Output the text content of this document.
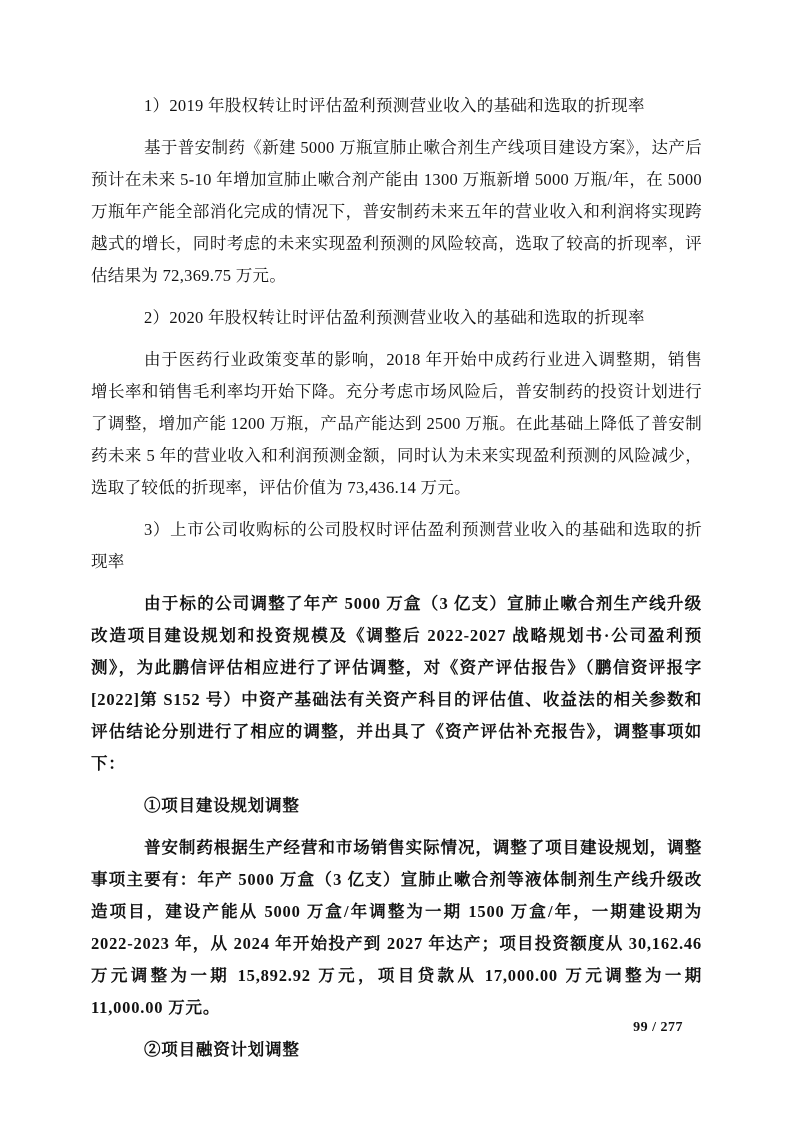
1）2019 年股权转让时评估盈利预测营业收入的基础和选取的折现率

基于普安制药《新建 5000 万瓶宣肺止嗽合剂生产线项目建设方案》，达产后预计在未来 5-10 年增加宣肺止嗽合剂产能由 1300 万瓶新增 5000 万瓶/年，在 5000 万瓶年产能全部消化完成的情况下，普安制药未来五年的营业收入和利润将实现跨越式的增长，同时考虑的未来实现盈利预测的风险较高，选取了较高的折现率，评估结果为 72,369.75 万元。

2）2020 年股权转让时评估盈利预测营业收入的基础和选取的折现率

由于医药行业政策变革的影响，2018 年开始中成药行业进入调整期，销售增长率和销售毛利率均开始下降。充分考虑市场风险后，普安制药的投资计划进行了调整，增加产能 1200 万瓶，产品产能达到 2500 万瓶。在此基础上降低了普安制药未来 5 年的营业收入和利润预测金额，同时认为未来实现盈利预测的风险减少，选取了较低的折现率，评估价值为 73,436.14 万元。

3）上市公司收购标的公司股权时评估盈利预测营业收入的基础和选取的折现率

由于标的公司调整了年产 5000 万盒（3 亿支）宣肺止嗽合剂生产线升级改造项目建设规划和投资规模及《调整后 2022-2027 战略规划书·公司盈利预测》，为此鹏信评估相应进行了评估调整，对《资产评估报告》（鹏信资评报字[2022]第 S152 号）中资产基础法有关资产科目的评估值、收益法的相关参数和评估结论分别进行了相应的调整，并出具了《资产评估补充报告》，调整事项如下：

①项目建设规划调整

普安制药根据生产经营和市场销售实际情况，调整了项目建设规划，调整事项主要有：年产 5000 万盒（3 亿支）宣肺止嗽合剂等液体制剂生产线升级改造项目，建设产能从 5000 万盒/年调整为一期 1500 万盒/年，一期建设期为 2022-2023 年，从 2024 年开始投产到 2027 年达产；项目投资额度从 30,162.46 万元调整为一期 15,892.92 万元，项目贷款从 17,000.00 万元调整为一期 11,000.00 万元。

②项目融资计划调整

99 / 277
